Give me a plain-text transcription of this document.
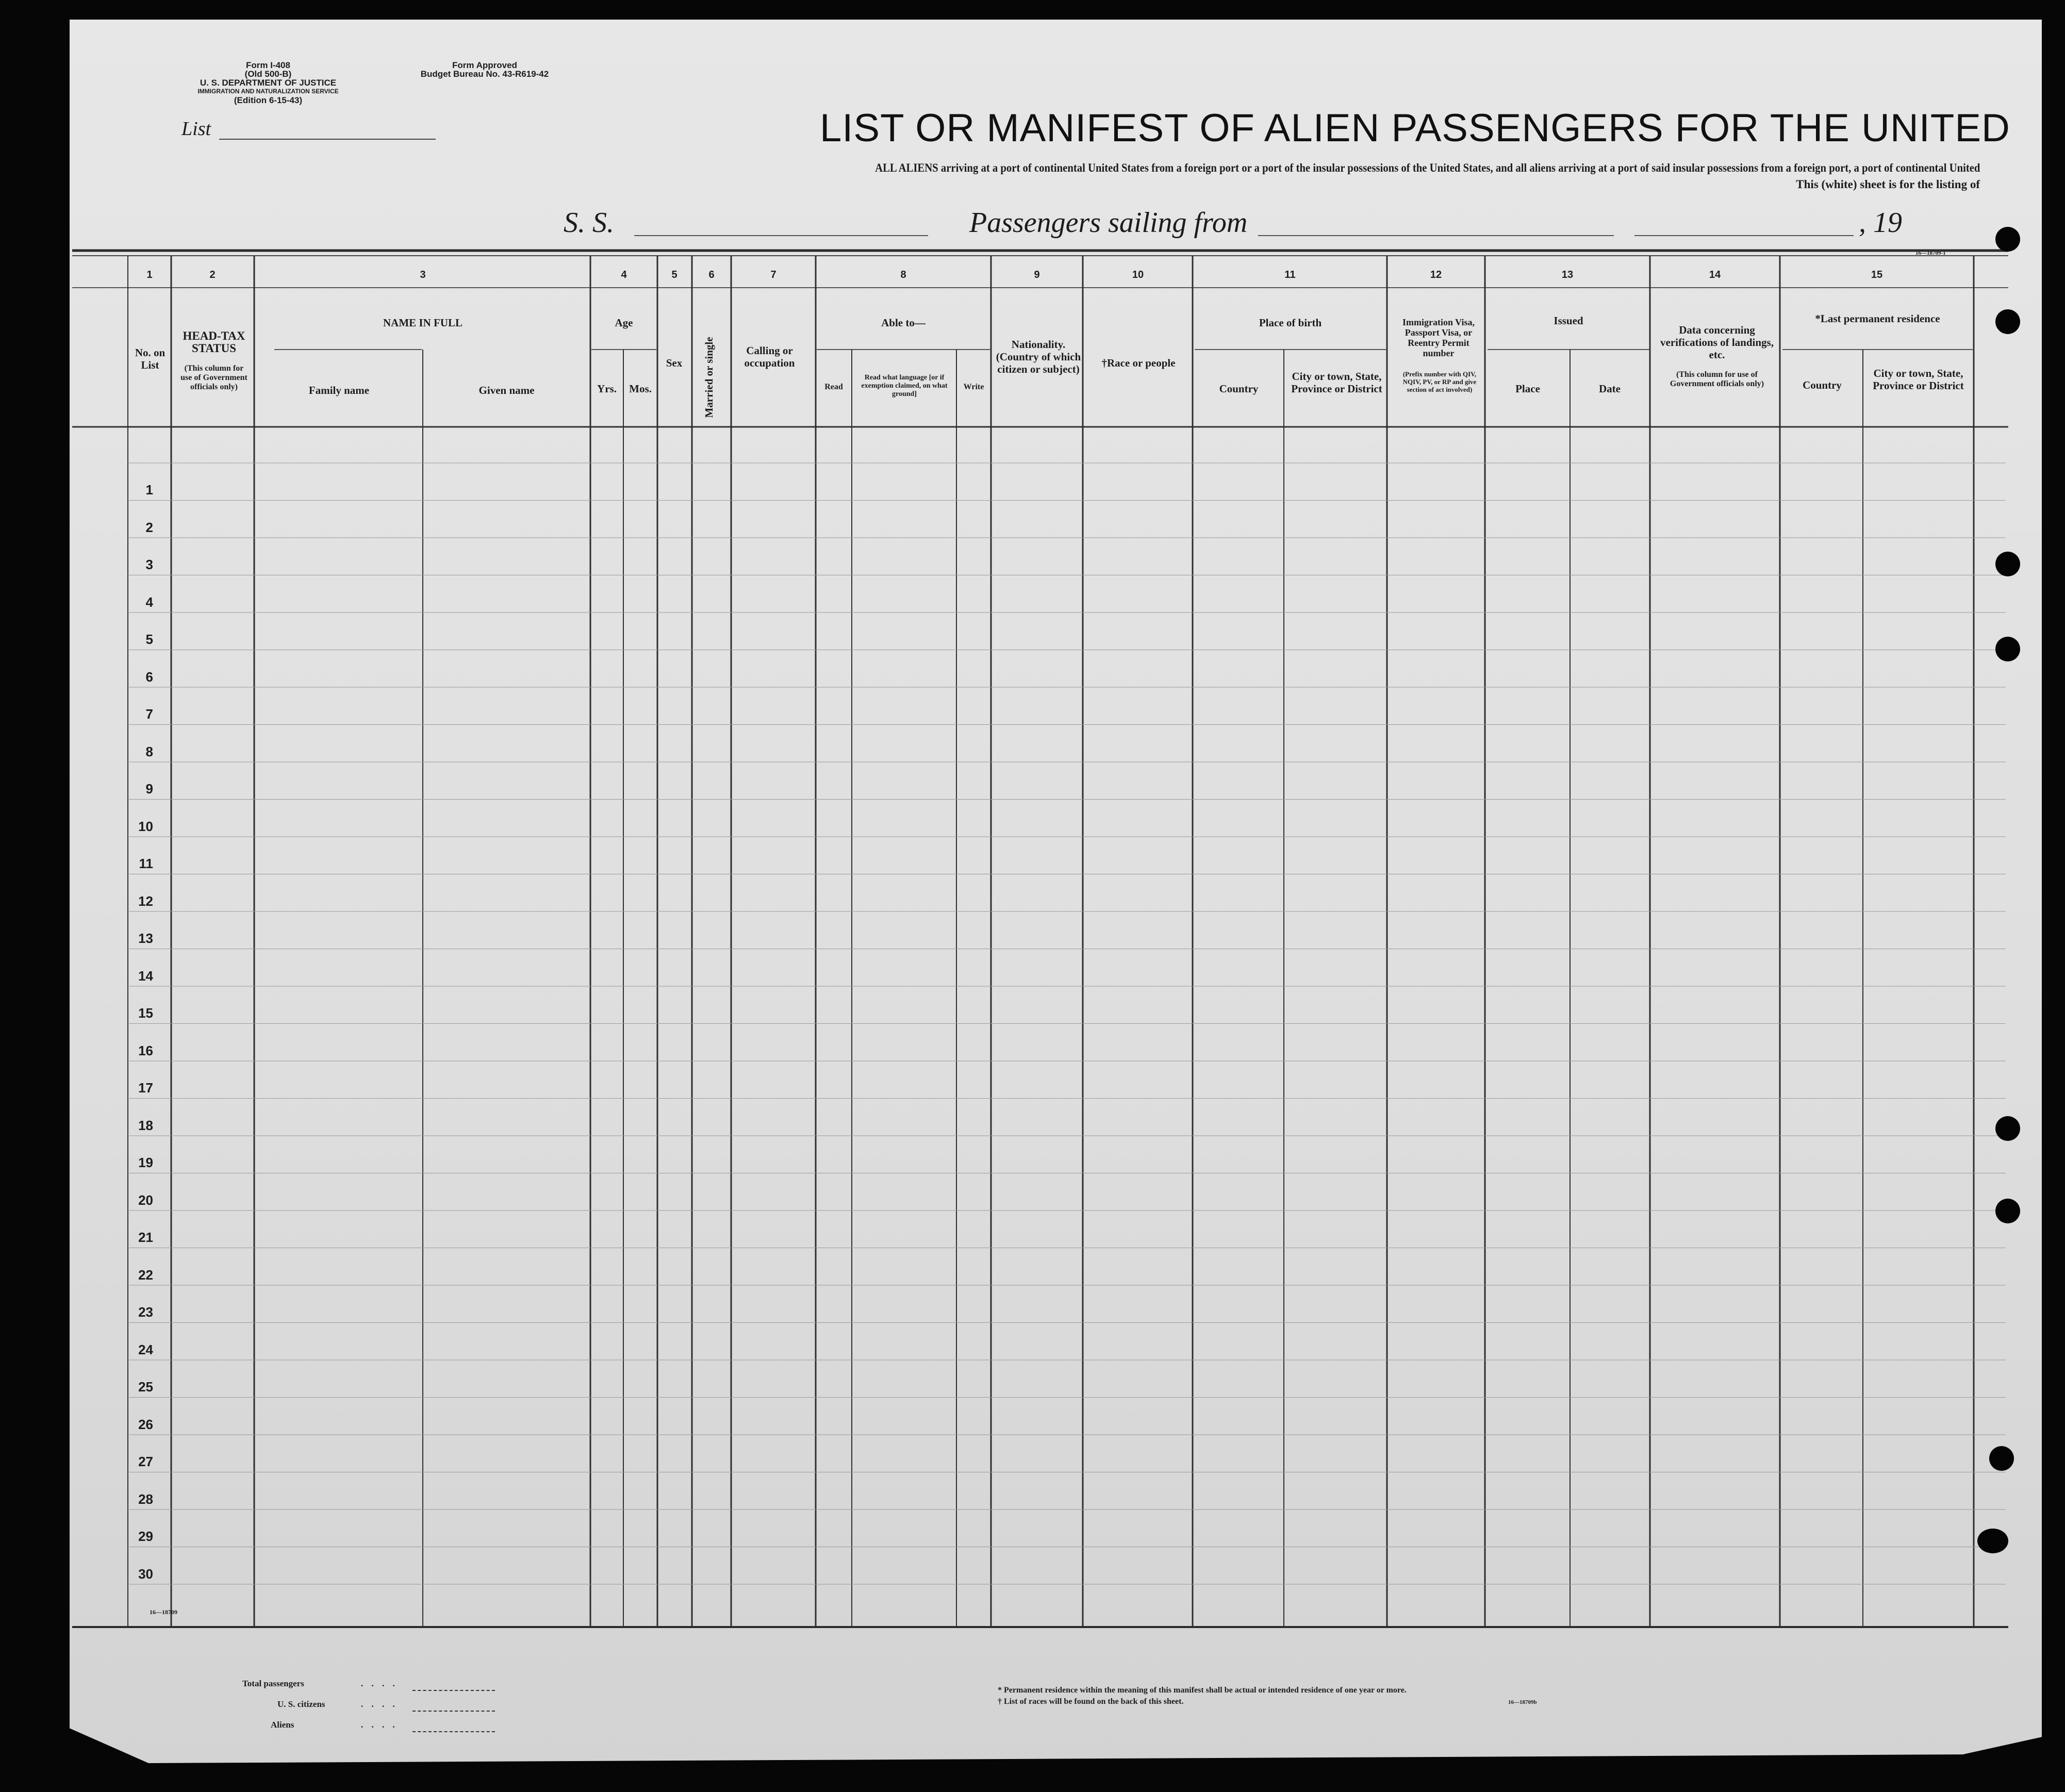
Form I-408
(Old 500-B)
U. S. DEPARTMENT OF JUSTICE
IMMIGRATION AND NATURALIZATION SERVICE
(Edition 6-15-43)
Form Approved
Budget Bureau No. 43-R619-42
List	LIST OR MANIFEST OF ALIEN PASSENGERS FOR THE UNITED
ALL ALIENS arriving at a port of continental United States from a foreign port or a port of the insular possessions of the United States, and all aliens arriving at a port of said insular possessions from a foreign port, a port of continental United
This (white) sheet is for the listing of
S. S.	Passengers sailing from	, 19
16—18709-1
1	2	3	4	5	6	7	8	9	10	11	12	13	14	15
No. on List
HEAD-TAX STATUS
(This column for use of Government officials only)
NAME IN FULL
Family name	Given name
Age
Yrs.	Mos.
Sex	Married or single	Calling or occupation
Able to—
Read
Read what language [or if exemption claimed, on what ground]
Write
Nationality. (Country of which citizen or subject)	†Race or people
Place of birth
Country
City or town, State, Province or District
Immigration Visa, Passport Visa, or Reentry Permit number
(Prefix number with QIV, NQIV, PV, or RP and give section of act involved)
Issued
Place	Date
Data concerning verifications of landings, etc.
(This column for use of Government officials only)
*Last permanent residence
Country
City or town, State, Province or District
1
2
3
4
5
6
7
8
9
10
11
12
13
14
15
16
17
18
19
20
21
22
23
24
25
26
27
28
29
30
16—18709
Total passengers	. . . .
U. S. citizens	. . . .
Aliens	. . . .
* Permanent residence within the meaning of this manifest shall be actual or intended residence of one year or more.
† List of races will be found on the back of this sheet.	16—18709b
